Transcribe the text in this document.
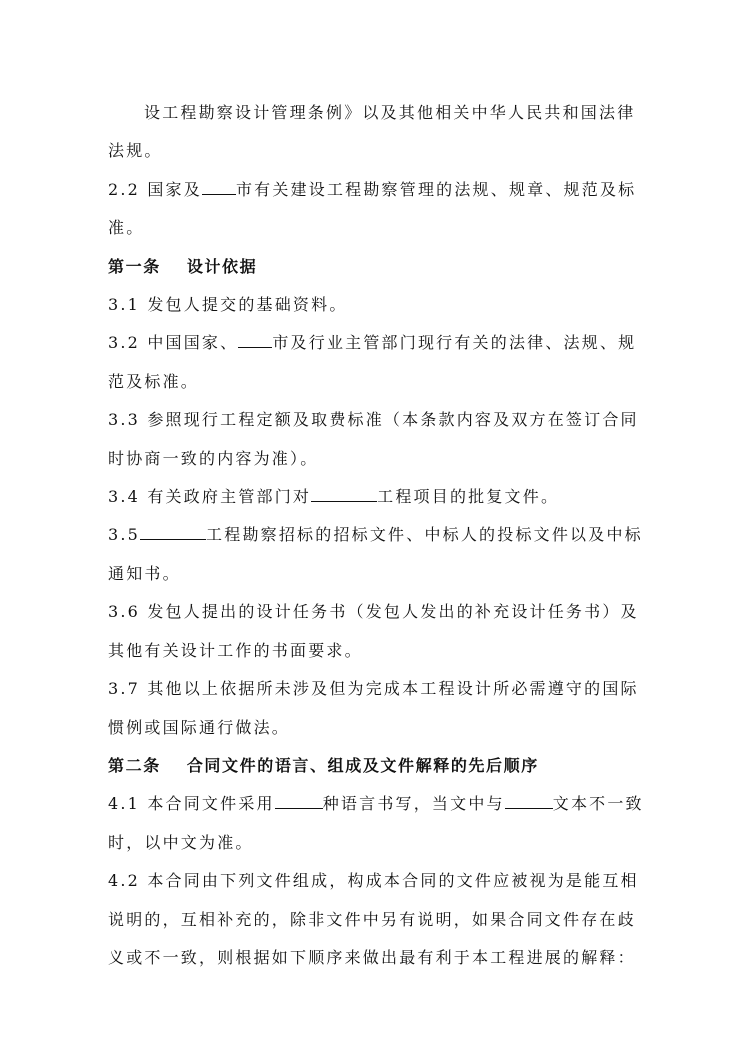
设工程勘察设计管理条例》以及其他相关中华人民共和国法律法规。

2.2 国家及 市有关建设工程勘察管理的法规、规章、规范及标准。

第一条 设计依据

3.1 发包人提交的基础资料。

3.2 中国国家、 市及行业主管部门现行有关的法律、法规、规范及标准。

3.3 参照现行工程定额及取费标准（本条款内容及双方在签订合同时协商一致的内容为准）。

3.4 有关政府主管部门对	工程项目的批复文件。

3.5	工程勘察招标的招标文件、中标人的投标文件以及中标通知书。

3.6 发包人提出的设计任务书（发包人发出的补充设计任务书）及其他有关设计工作的书面要求。

3.7 其他以上依据所未涉及但为完成本工程设计所必需遵守的国际惯例或国际通行做法。

第二条 合同文件的语言、组成及文件解释的先后顺序

4.1 本合同文件采用	种语言书写，当文中与	文本不一致时，以中文为准。

4.2 本合同由下列文件组成，构成本合同的文件应被视为是能互相说明的，互相补充的，除非文件中另有说明，如果合同文件存在歧义或不一致，则根据如下顺序来做出最有利于本工程进展的解释：
